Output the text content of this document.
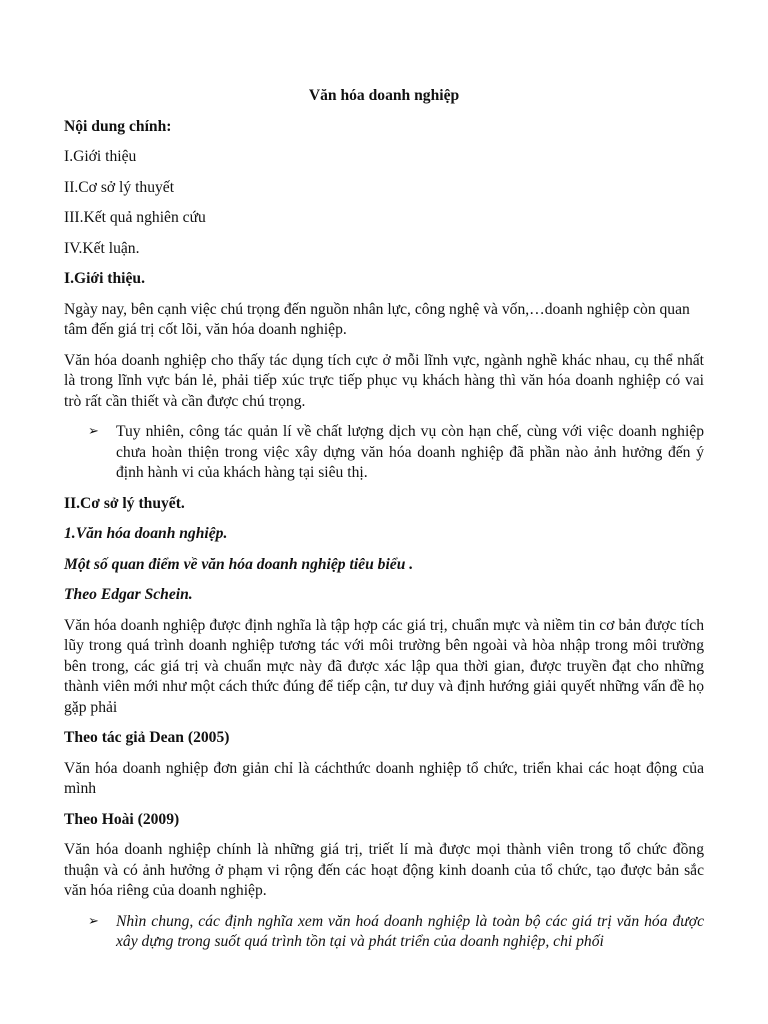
Văn hóa doanh nghiệp

Nội dung chính:

I.Giới thiệu

II.Cơ sở lý thuyết

III.Kết quả nghiên cứu

IV.Kết luận.

I.Giới thiệu.

Ngày nay, bên cạnh việc chú trọng đến nguồn nhân lực, công nghệ và vốn,…doanh nghiệp còn quan tâm đến giá trị cốt lõi, văn hóa doanh nghiệp.

Văn hóa doanh nghiệp cho thấy tác dụng tích cực ở mỗi lĩnh vực, ngành nghề khác nhau, cụ thể nhất là trong lĩnh vực bán lẻ, phải tiếp xúc trực tiếp phục vụ khách hàng thì văn hóa doanh nghiệp có vai trò rất cần thiết và cần được chú trọng.

➢ Tuy nhiên, công tác quản lí về chất lượng dịch vụ còn hạn chế, cùng với việc doanh nghiệp chưa hoàn thiện trong việc xây dựng văn hóa doanh nghiệp đã phần nào ảnh hưởng đến ý định hành vi của khách hàng tại siêu thị.

II.Cơ sở lý thuyết.

1.Văn hóa doanh nghiệp.

Một số quan điểm về văn hóa doanh nghiệp tiêu biểu .

Theo Edgar Schein.

Văn hóa doanh nghiệp được định nghĩa là tập hợp các giá trị, chuẩn mực và niềm tin cơ bản được tích lũy trong quá trình doanh nghiệp tương tác với môi trường bên ngoài và hòa nhập trong môi trường bên trong, các giá trị và chuẩn mực này đã được xác lập qua thời gian, được truyền đạt cho những thành viên mới như một cách thức đúng để tiếp cận, tư duy và định hướng giải quyết những vấn đề họ gặp phải

Theo tác giả Dean (2005)

Văn hóa doanh nghiệp đơn giản chỉ là cáchthức doanh nghiệp tổ chức, triển khai các hoạt động của mình

Theo Hoài (2009)

Văn hóa doanh nghiệp chính là những giá trị, triết lí mà được mọi thành viên trong tổ chức đồng thuận và có ảnh hưởng ở phạm vi rộng đến các hoạt động kinh doanh của tổ chức, tạo được bản sắc văn hóa riêng của doanh nghiệp.

➢ Nhìn chung, các định nghĩa xem văn hoá doanh nghiệp là toàn bộ các giá trị văn hóa được xây dựng trong suốt quá trình tồn tại và phát triển của doanh nghiệp, chi phối
